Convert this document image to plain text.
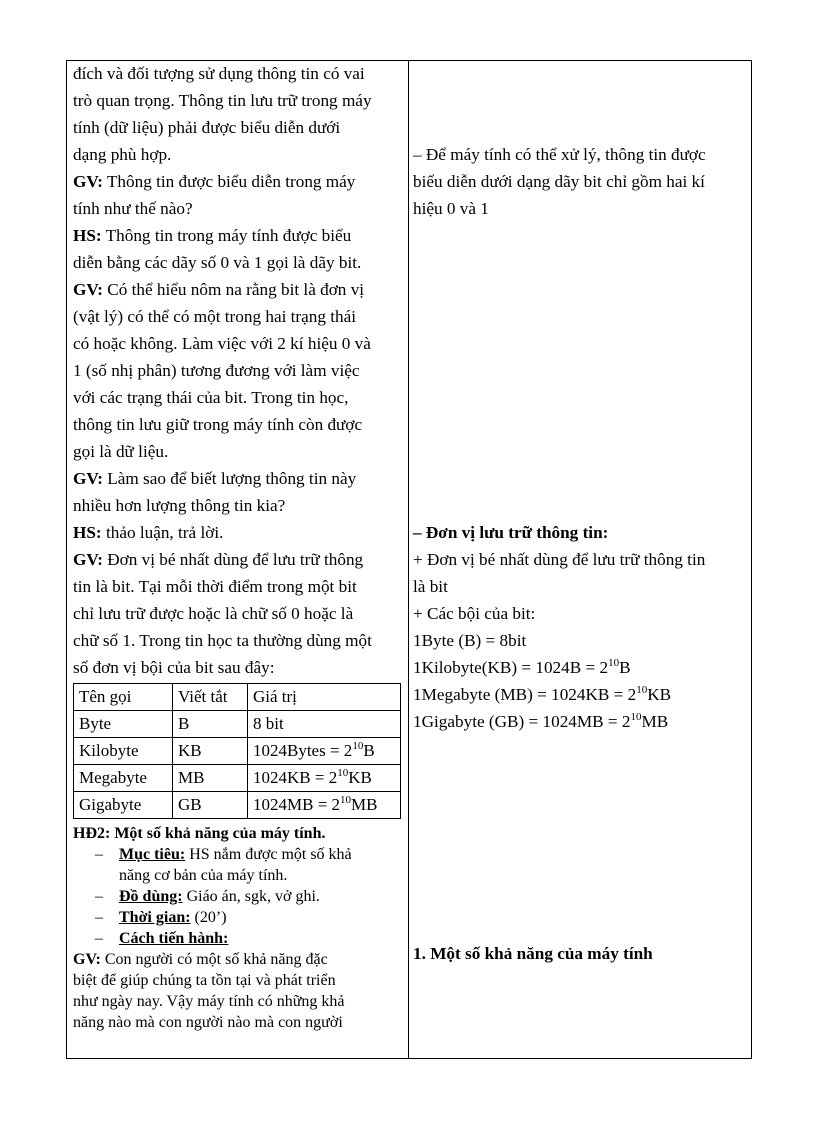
đích và đối tượng sử dụng thông tin có vai

trò quan trọng. Thông tin lưu trữ trong máy

tính (dữ liệu) phải được biểu diễn dưới

dạng phù hợp.

GV: Thông tin được biểu diễn trong máy

tính như thế nào?

HS: Thông tin trong máy tính được biểu

diễn bằng các dãy số 0 và 1 gọi là dãy bit.

GV: Có thể hiểu nôm na rằng bit là đơn vị

(vật lý) có thể có một trong hai trạng thái

có hoặc không. Làm việc với 2 kí hiệu 0 và

1 (số nhị phân) tương đương với làm việc

với các trạng thái của bit. Trong tin học,

thông tin lưu giữ trong máy tính còn được

gọi là dữ liệu.

GV: Làm sao để biết lượng thông tin này

nhiều hơn lượng thông tin kia?

HS: thảo luận, trả lời.

GV: Đơn vị bé nhất dùng để lưu trữ thông

tin là bit. Tại mỗi thời điểm trong một bit

chỉ lưu trữ được hoặc là chữ số 0 hoặc là

chữ số 1. Trong tin học ta thường dùng một

số đơn vị bội của bit sau đây:

Tên gọi	Viết tắt	Giá trị
Byte	B	8 bit
Kilobyte	KB	1024Bytes = $2^{10}B$
Megabyte	MB	$1024KB = 2^{10}KB$
Gigabyte	GB	$1024MB = 2^{10}MB$

HĐ2: Một số khả năng của máy tính.

– Mục tiêu: HS nắm được một số khả
năng cơ bản của máy tính.
– Đồ dùng: Giáo án, sgk, vở ghi.
– Thời gian: (20’)
– Cách tiến hành:

GV: Con người có một số khả năng đặc

biệt để giúp chúng ta tồn tại và phát triển

như ngày nay. Vậy máy tính có những khả

năng nào mà con người nào mà con người

– Để máy tính có thể xử lý, thông tin được

biểu diễn dưới dạng dãy bit chỉ gồm hai kí

hiệu 0 và 1

– Đơn vị lưu trữ thông tin:

+ Đơn vị bé nhất dùng để lưu trữ thông tin

là bit

+ Các bội của bit:

1Byte (B) = 8bit

1Kilobyte(KB) = $1024B = 2^{10}B$

1Megabyte $(MB) = 1024KB = 2^{10}KB$

1Gigabyte $(GB) = 1024MB = 2^{10}MB$

1. Một số khả năng của máy tính
